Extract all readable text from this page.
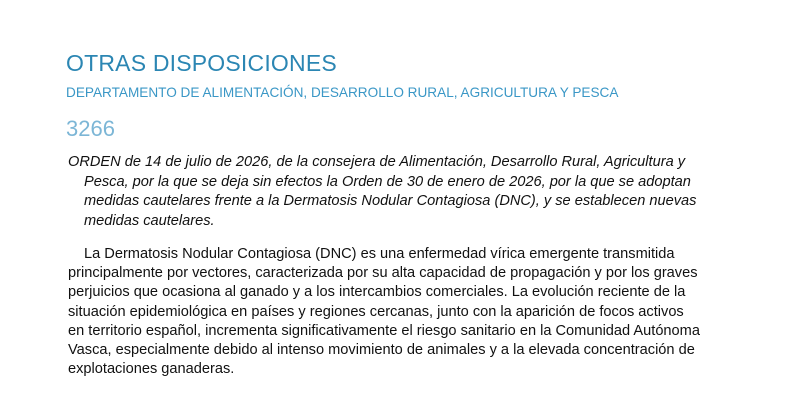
OTRAS DISPOSICIONES
DEPARTAMENTO DE ALIMENTACIÓN, DESARROLLO RURAL, AGRICULTURA Y PESCA
3266

ORDEN de 14 de julio de 2026, de la consejera de Alimentación, Desarrollo Rural, Agricultura y
Pesca, por la que se deja sin efectos la Orden de 30 de enero de 2026, por la que se adoptan
medidas cautelares frente a la Dermatosis Nodular Contagiosa (DNC), y se establecen nuevas
medidas cautelares.

La Dermatosis Nodular Contagiosa (DNC) es una enfermedad vírica emergente transmitida
principalmente por vectores, caracterizada por su alta capacidad de propagación y por los graves
perjuicios que ocasiona al ganado y a los intercambios comerciales. La evolución reciente de la
situación epidemiológica en países y regiones cercanas, junto con la aparición de focos activos
en territorio español, incrementa significativamente el riesgo sanitario en la Comunidad Autónoma
Vasca, especialmente debido al intenso movimiento de animales y a la elevada concentración de
explotaciones ganaderas.
